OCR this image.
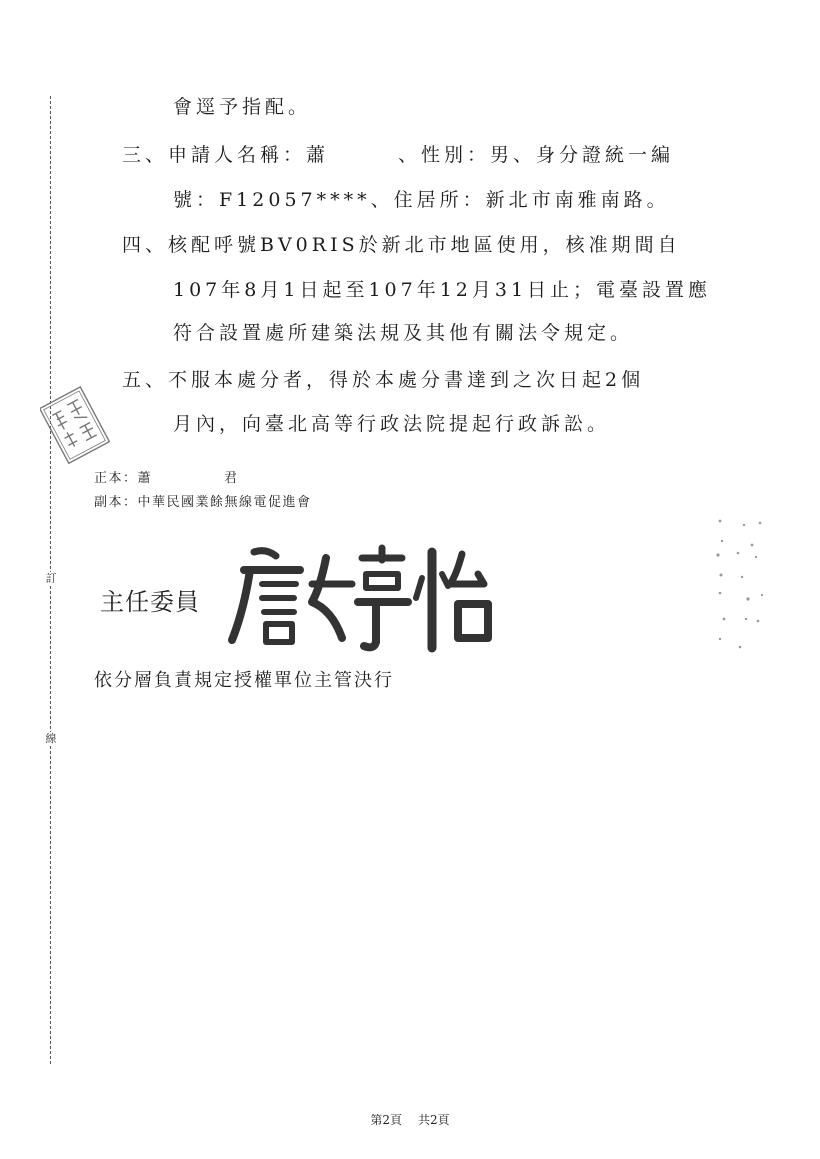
訂
線
會逕予指配。
三、申請人名稱：蕭　　　、性別：男、身分證統一編
號：F12057****、住居所：新北市南雅南路。
四、核配呼號BV0RIS於新北市地區使用，核准期間自
107年8月1日起至107年12月31日止；電臺設置應
符合設置處所建築法規及其他有關法令規定。
五、不服本處分者，得於本處分書達到之次日起2個
月內，向臺北高等行政法院提起行政訴訟。
正本：蕭	君
副本：中華民國業餘無線電促進會
主任委員
依分層負責規定授權單位主管決行
第2頁 共2頁
